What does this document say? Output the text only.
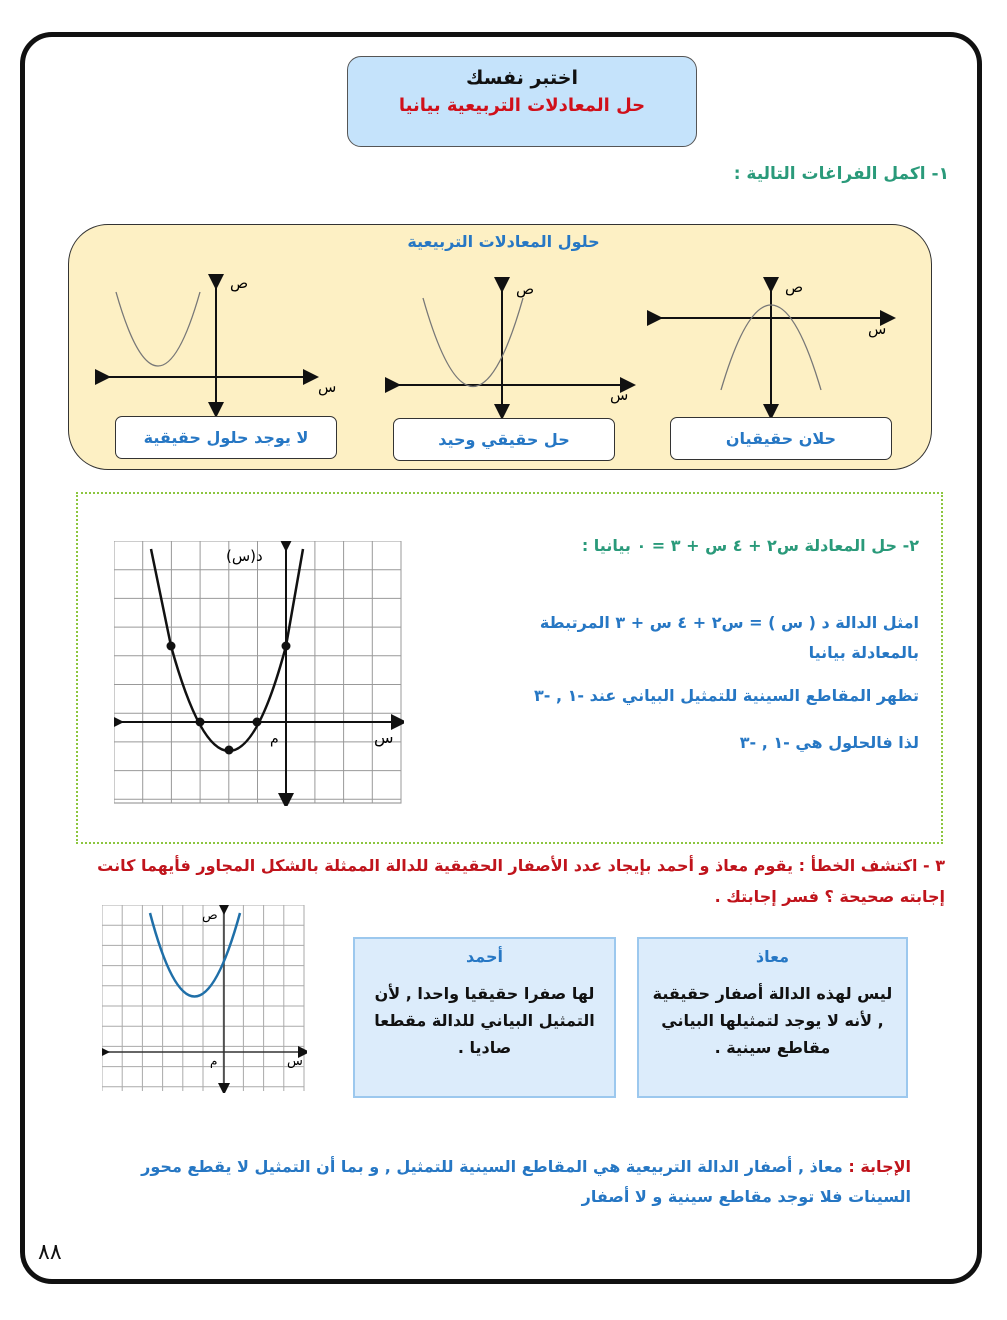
اختبر نفسك
حل المعادلات التربيعية بيانيا
١- اكمل الفراغات التالية :
حلول المعادلات التربيعية
ص
س
ص
س
ص
س
لا يوجد حلول حقيقية	حل حقيقي وحيد	حلان حقيقيان
٢- حل المعادلة س٢ + ٤ س + ٣ = ٠ بيانيا :
امثل الدالة د ( س ) = س٢ + ٤ س + ٣ المرتبطة بالمعادلة بيانيا
تظهر المقاطع السينية للتمثيل البياني عند -١ , -٣
لذا فالحلول هي -١ , -٣
د(س)
س
م
٣ - اكتشف الخطأ : يقوم معاذ و أحمد بإيجاد عدد الأصفار الحقيقية للدالة الممثلة بالشكل المجاور فأيهما كانت إجابته صحيحة ؟ فسر إجابتك .
ص
س
م
أحمد

لها صفرا حقيقيا واحدا , لأن التمثيل البياني للدالة مقطعا صاديا .

معاذ

ليس لهذه الدالة أصفار حقيقية , لأنه لا يوجد لتمثيلها البياني مقاطع سينية .

الإجابة : معاذ , أصفار الدالة التربيعية هي المقاطع السينية للتمثيل , و بما أن التمثيل لا يقطع محور السينات فلا توجد مقاطع سينية و لا أصفار
٨٨
